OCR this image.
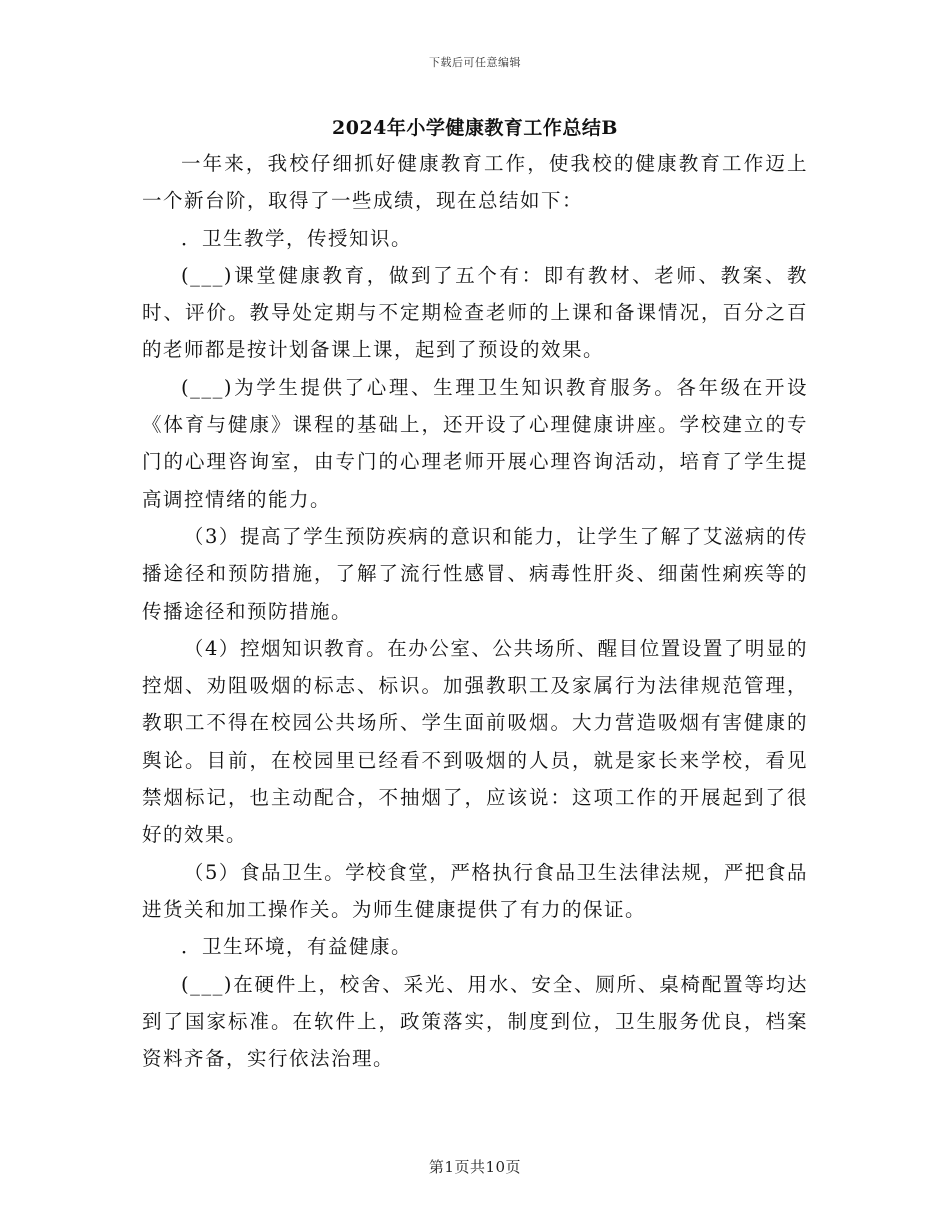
下载后可任意编辑
2024年小学健康教育工作总结B

一年来，我校仔细抓好健康教育工作，使我校的健康教育工作迈上一个新台阶，取得了一些成绩，现在总结如下：

．卫生教学，传授知识。

(___)课堂健康教育，做到了五个有：即有教材、老师、教案、教时、评价。教导处定期与不定期检查老师的上课和备课情况，百分之百的老师都是按计划备课上课，起到了预设的效果。

(___)为学生提供了心理、生理卫生知识教育服务。各年级在开设《体育与健康》课程的基础上，还开设了心理健康讲座。学校建立的专门的心理咨询室，由专门的心理老师开展心理咨询活动，培育了学生提高调控情绪的能力。

（3）提高了学生预防疾病的意识和能力，让学生了解了艾滋病的传播途径和预防措施，了解了流行性感冒、病毒性肝炎、细菌性痢疾等的传播途径和预防措施。

（4）控烟知识教育。在办公室、公共场所、醒目位置设置了明显的控烟、劝阻吸烟的标志、标识。加强教职工及家属行为法律规范管理，教职工不得在校园公共场所、学生面前吸烟。大力营造吸烟有害健康的舆论。目前，在校园里已经看不到吸烟的人员，就是家长来学校，看见禁烟标记，也主动配合，不抽烟了，应该说：这项工作的开展起到了很好的效果。

（5）食品卫生。学校食堂，严格执行食品卫生法律法规，严把食品进货关和加工操作关。为师生健康提供了有力的保证。

．卫生环境，有益健康。

(___)在硬件上，校舍、采光、用水、安全、厕所、桌椅配置等均达到了国家标准。在软件上，政策落实，制度到位，卫生服务优良，档案资料齐备，实行依法治理。

第1页共10页
